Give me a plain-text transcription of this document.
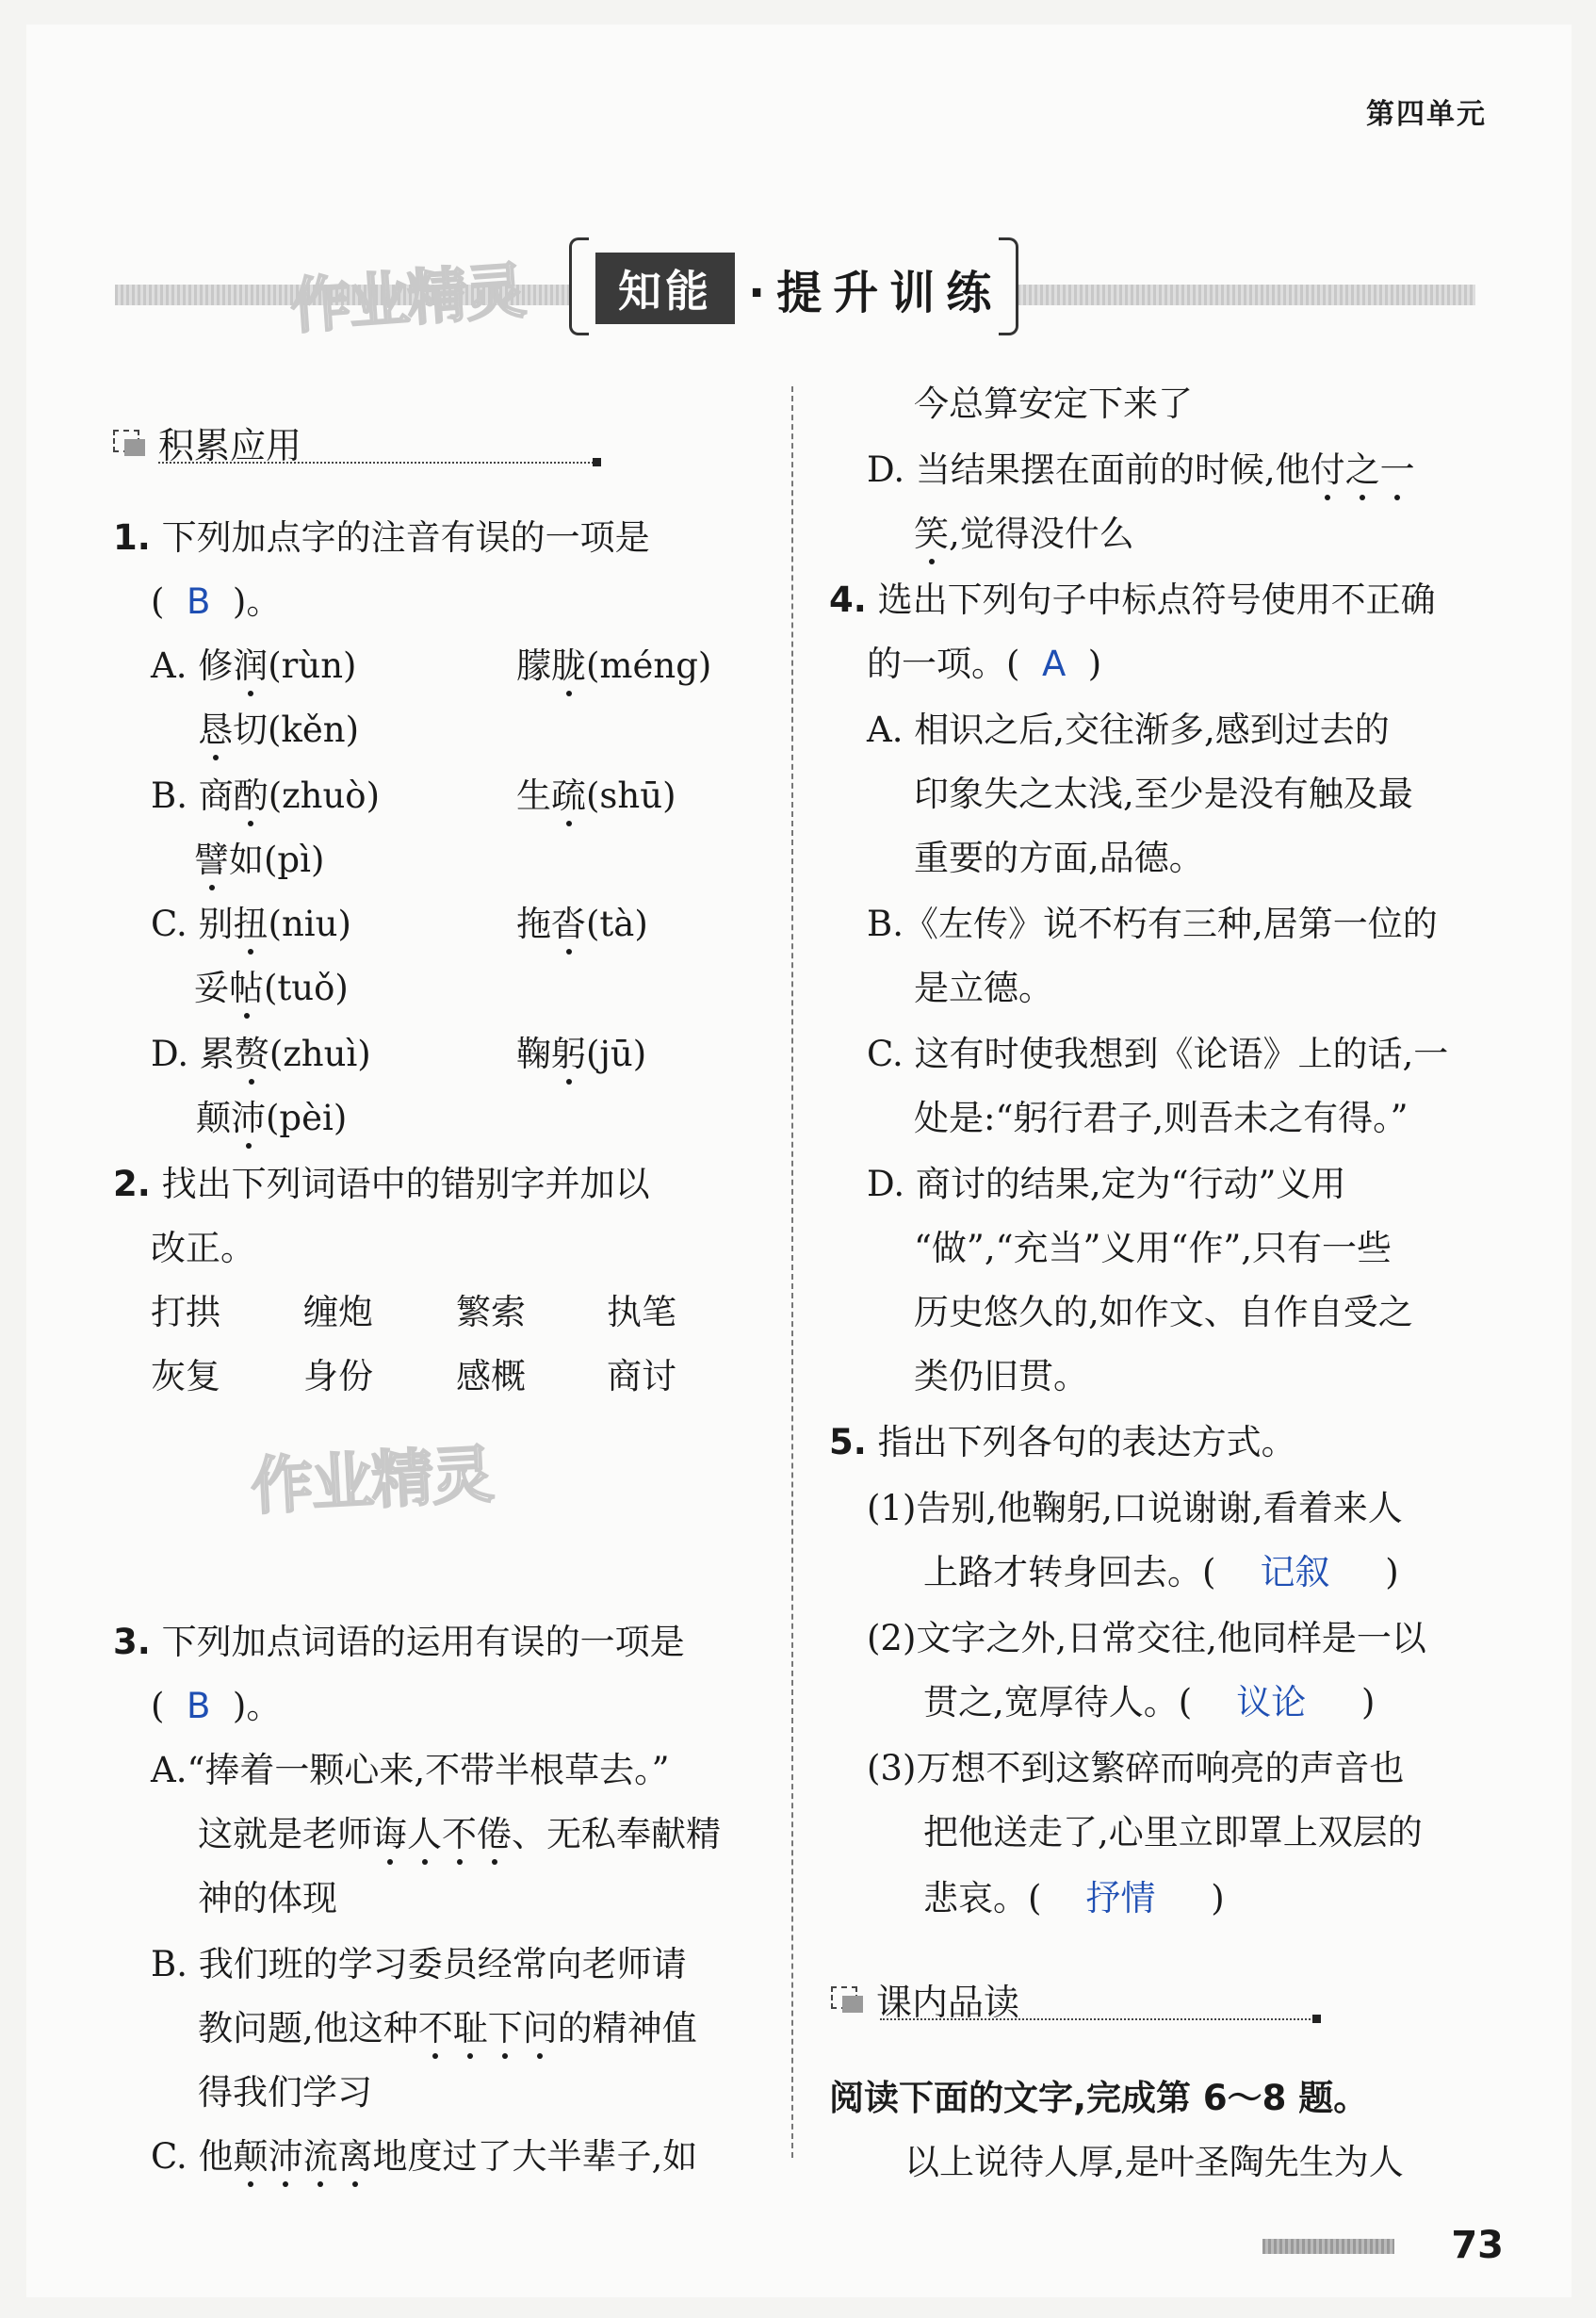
第四单元
作业精灵	知能 ·提升训练
积累应用
1. 下列加点字的注音有误的一项是
(  B  )。
A. 修润(rùn)	朦胧(méng)
恳切(kěn)
B. 商酌(zhuò)	生疏(shū)
譬如(pì)
C. 别扭(niu)	拖沓(tà)
妥帖(tuǒ)
D. 累赘(zhuì)	鞠躬(jū)
颠沛(pèi)
2. 找出下列词语中的错别字并加以
改正。
打拱 缠炮 繁索 执笔
灰复 身份 感概 商讨
作业精灵
3. 下列加点词语的运用有误的一项是
(  B  )。
A.“捧着一颗心来,不带半根草去。”
这就是老师诲人不倦、无私奉献精
神的体现
B. 我们班的学习委员经常向老师请
教问题,他这种不耻下问的精神值
得我们学习
C. 他颠沛流离地度过了大半辈子,如
今总算安定下来了
D. 当结果摆在面前的时候,他付之一
笑,觉得没什么
4. 选出下列句子中标点符号使用不正确
的一项。( A  )
A. 相识之后,交往渐多,感到过去的
印象失之太浅,至少是没有触及最
重要的方面,品德。
B.《左传》说不朽有三种,居第一位的
是立德。
C. 这有时使我想到《论语》上的话,一
处是:“躬行君子,则吾未之有得。”
D. 商讨的结果,定为“行动”义用
“做”,“充当”义用“作”,只有一些
历史悠久的,如作文、自作自受之
类仍旧贯。
5. 指出下列各句的表达方式。
(1)告别,他鞠躬,口说谢谢,看着来人
上路才转身回去。( 记叙     )
(2)文字之外,日常交往,他同样是一以
贯之,宽厚待人。( 议论     )
(3)万想不到这繁碎而响亮的声音也
把他送走了,心里立即罩上双层的
悲哀。( 抒情     )
课内品读
阅读下面的文字,完成第 6～8 题。
以上说待人厚,是叶圣陶先生为人
73
